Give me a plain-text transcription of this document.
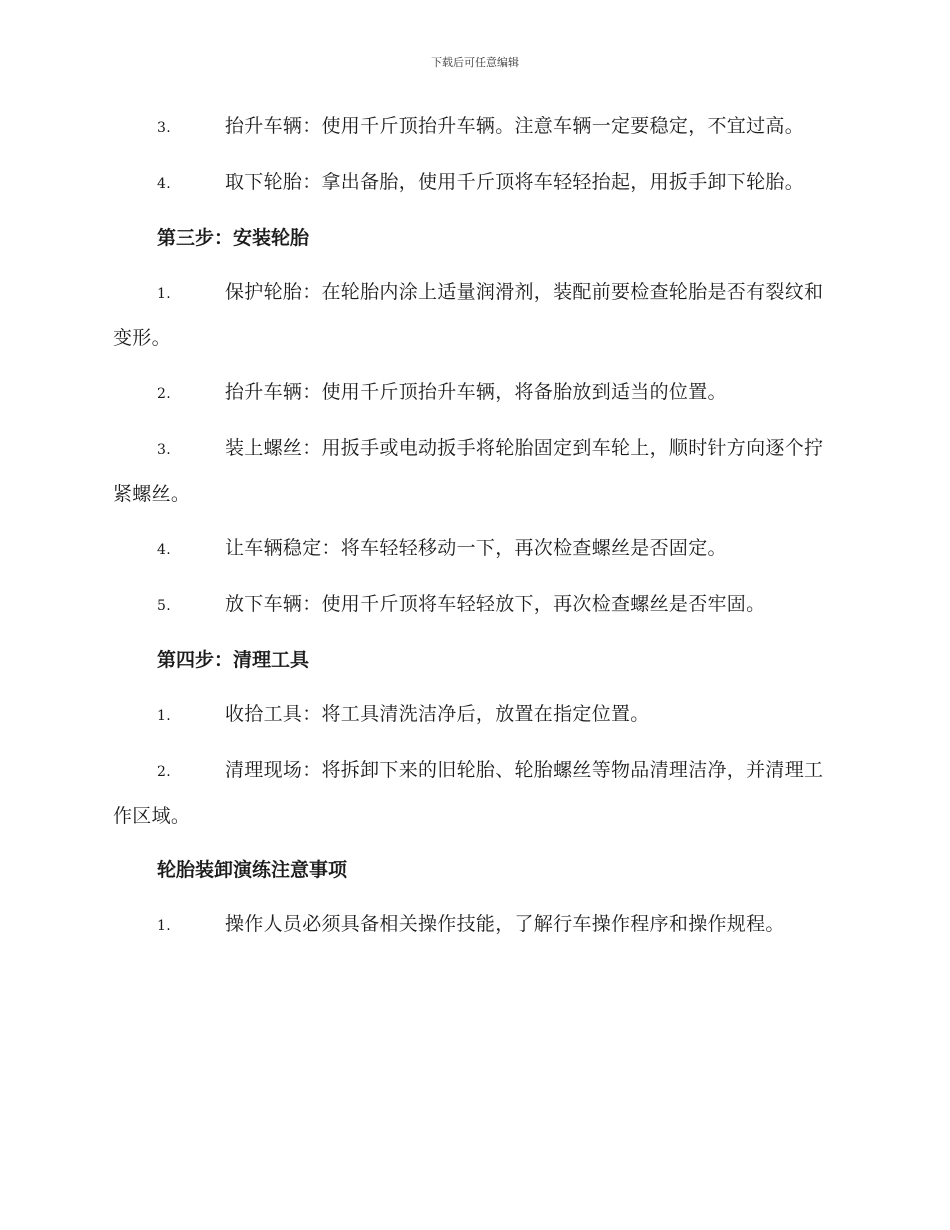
下载后可任意编辑

3.	抬升车辆：使用千斤顶抬升车辆。注意车辆一定要稳定，不宜过高。

4.	取下轮胎：拿出备胎，使用千斤顶将车轻轻抬起，用扳手卸下轮胎。

第三步：安装轮胎

1.	保护轮胎：在轮胎内涂上适量润滑剂，装配前要检查轮胎是否有裂纹和变形。

2.	抬升车辆：使用千斤顶抬升车辆，将备胎放到适当的位置。

3.	装上螺丝：用扳手或电动扳手将轮胎固定到车轮上，顺时针方向逐个拧紧螺丝。

4.	让车辆稳定：将车轻轻移动一下，再次检查螺丝是否固定。

5.	放下车辆：使用千斤顶将车轻轻放下，再次检查螺丝是否牢固。

第四步：清理工具

1.	收拾工具：将工具清洗洁净后，放置在指定位置。

2.	清理现场：将拆卸下来的旧轮胎、轮胎螺丝等物品清理洁净，并清理工作区域。

轮胎装卸演练注意事项

1.	操作人员必须具备相关操作技能，了解行车操作程序和操作规程。
